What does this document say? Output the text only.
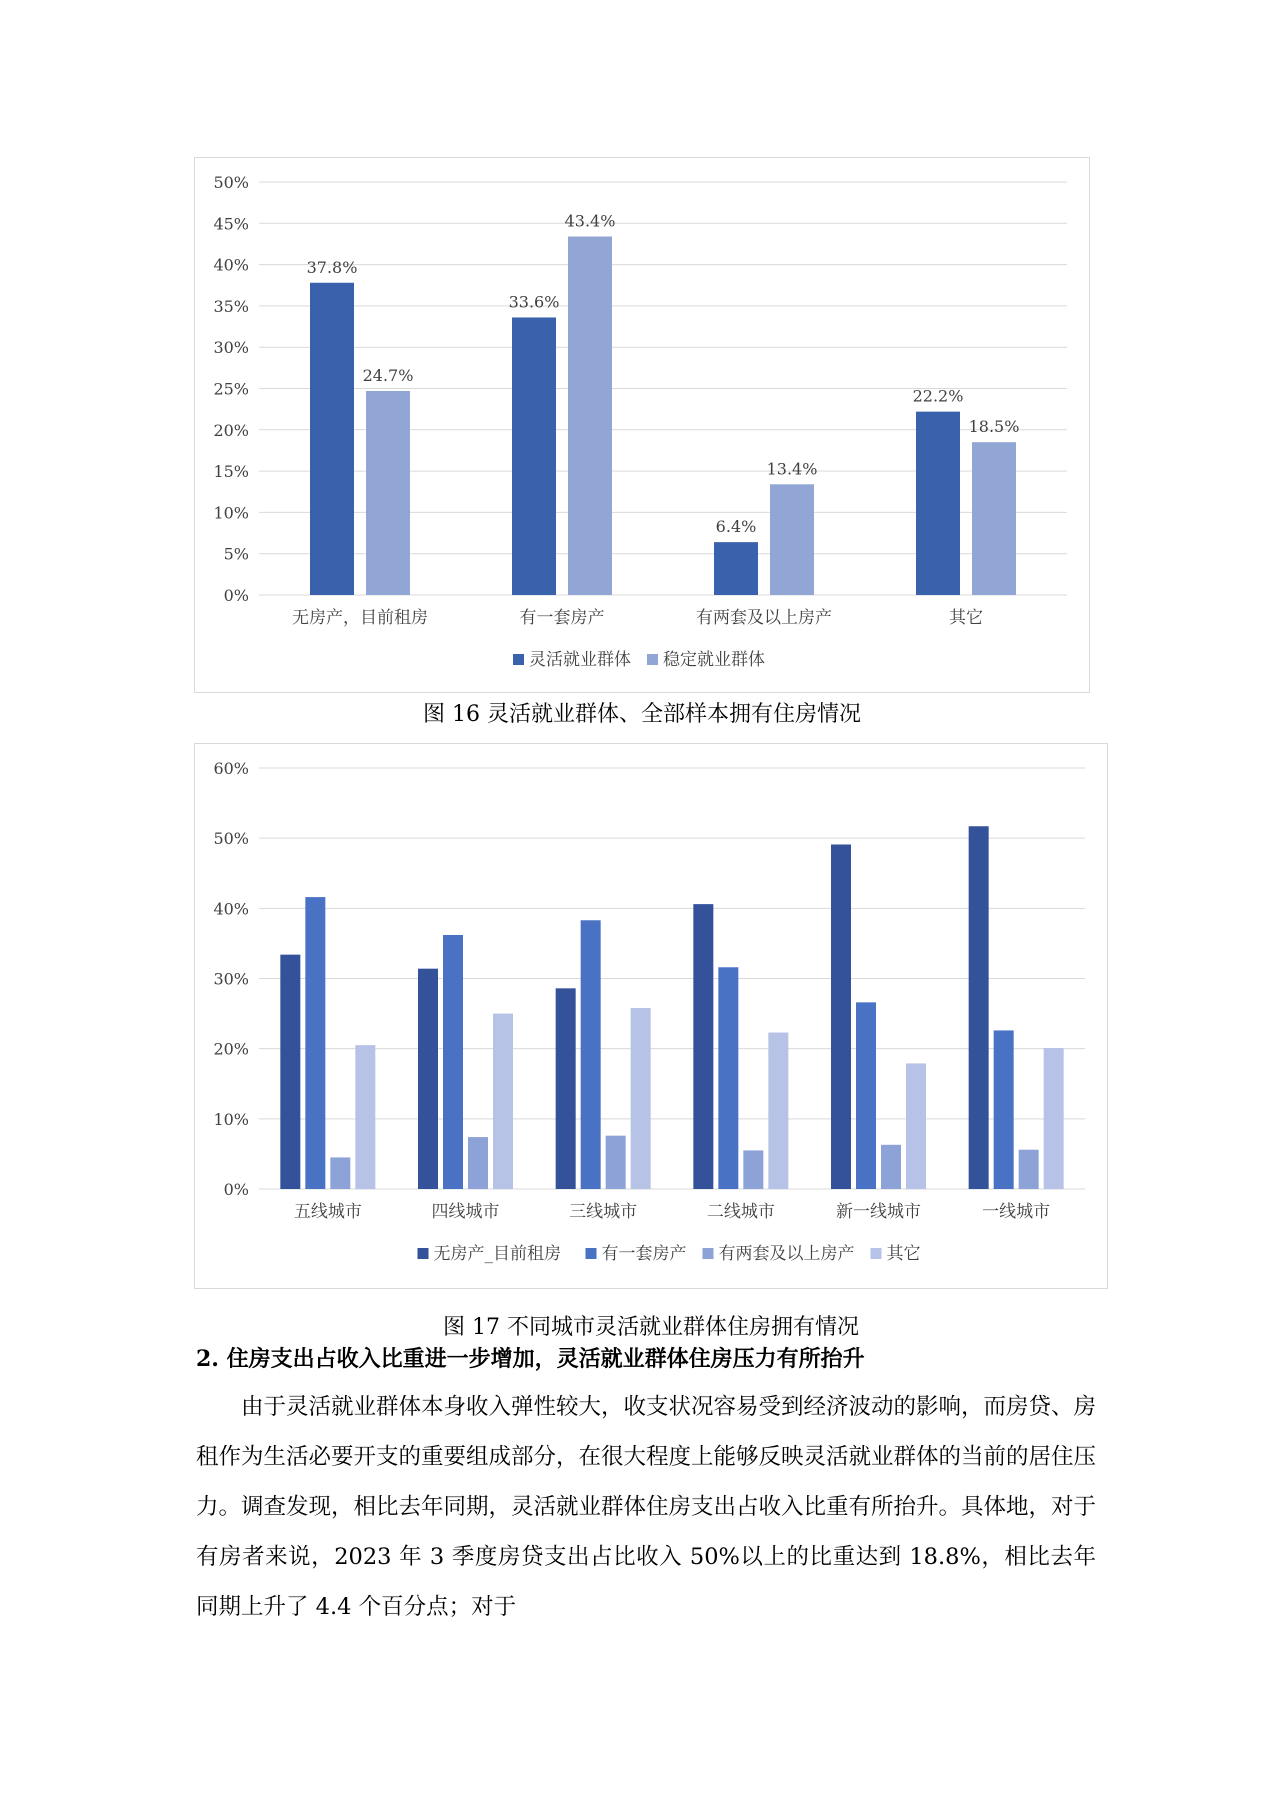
0%
5%
10%
15%
20%
25%
30%
35%
40%
45%
50%
37.8%
24.7%
无房产，目前租房
33.6%
43.4%
有一套房产
6.4%
13.4%
有两套及以上房产
22.2%
18.5%
其它
灵活就业群体 稳定就业群体
图 16 灵活就业群体、全部样本拥有住房情况
0%
10%
20%
30%
40%
50%
60%
五线城市	四线城市	三线城市	二线城市	新一线城市	一线城市
无房产_目前租房 有一套房产 有两套及以上房产 其它
图 17 不同城市灵活就业群体住房拥有情况
2. 住房支出占收入比重进一步增加，灵活就业群体住房压力有所抬升

由于灵活就业群体本身收入弹性较大，收支状况容易受到经济波动的影响，而房贷、房租作为生活必要开支的重要组成部分，在很大程度上能够反映灵活就业群体的当前的居住压力。调查发现，相比去年同期，灵活就业群体住房支出占收入比重有所抬升。具体地，对于有房者来说，2023 年 3 季度房贷支出占比收入 50%以上的比重达到 18.8%，相比去年同期上升了 4.4 个百分点；对于
